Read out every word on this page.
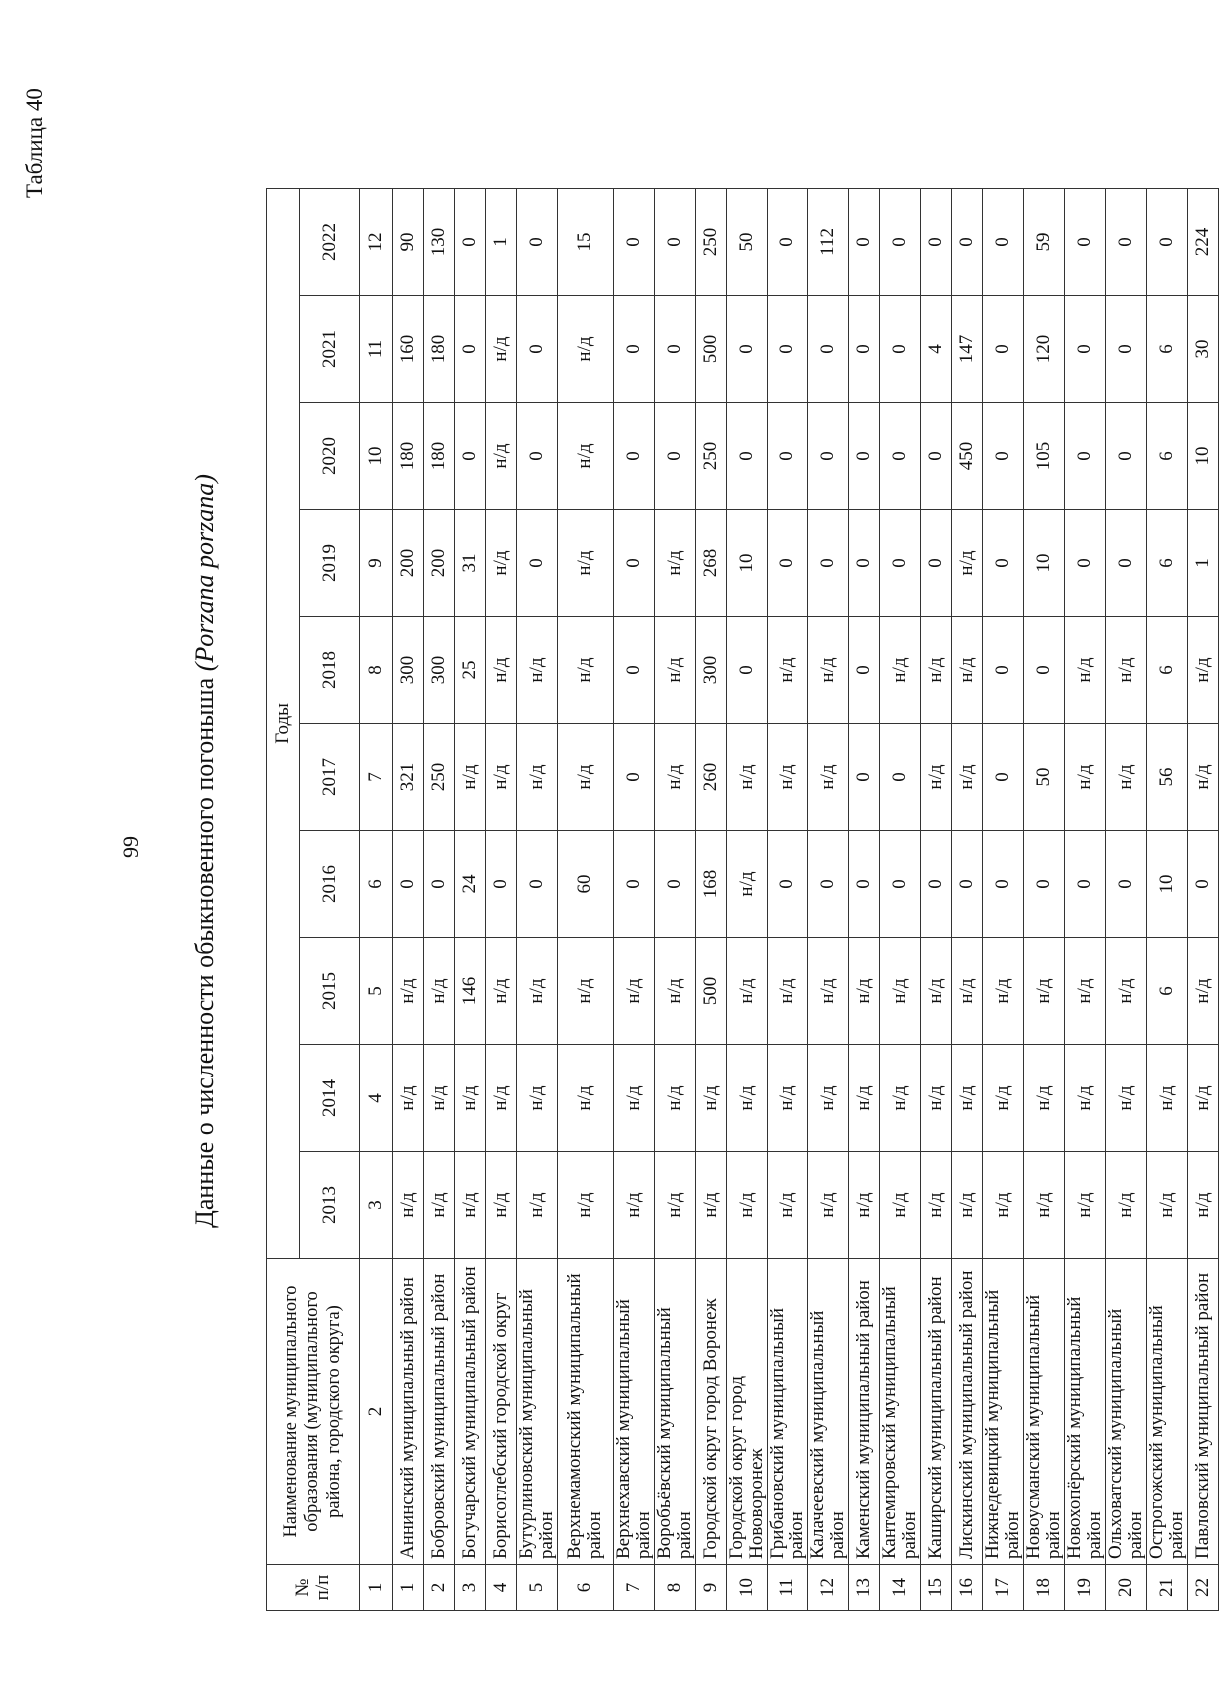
99
Таблица 40
Данные о численности обыкновенного погоныша (Porzana porzana)
№ п/п	Наименование муниципального образования (муниципального района, городского округа)	Годы									
		2013	2014	2015	2016	2017	2018	2019	2020	2021	2022
1	2	3	4	5	6	7	8	9	10	11	12
1	Аннинский муниципальный район	н/д	н/д	н/д	0	321	300	200	180	160	90
2	Бобровский муниципальный район	н/д	н/д	н/д	0	250	300	200	180	180	130
3	Богучарский муниципальный район	н/д	н/д	146	24	н/д	25	31	0	0	0
4	Борисоглебский городской округ	н/д	н/д	н/д	0	н/д	н/д	н/д	н/д	н/д	1
5	Бутурлиновский муниципальный район	н/д	н/д	н/д	0	н/д	н/д	0	0	0	0
6	Верхнемамонский муниципальный район	н/д	н/д	н/д	60	н/д	н/д	н/д	н/д	н/д	15
7	Верхнехавский муниципальный район	н/д	н/д	н/д	0	0	0	0	0	0	0
8	Воробьёвский муниципальный район	н/д	н/д	н/д	0	н/д	н/д	н/д	0	0	0
9	Городской округ город Воронеж	н/д	н/д	500	168	260	300	268	250	500	250
10	Городской округ город Нововоронеж	н/д	н/д	н/д	н/д	н/д	0	10	0	0	50
11	Грибановский муниципальный район	н/д	н/д	н/д	0	н/д	н/д	0	0	0	0
12	Калачеевский муниципальный район	н/д	н/д	н/д	0	н/д	н/д	0	0	0	112
13	Каменский муниципальный район	н/д	н/д	н/д	0	0	0	0	0	0	0
14	Кантемировский муниципальный район	н/д	н/д	н/д	0	0	н/д	0	0	0	0
15	Каширский муниципальный район	н/д	н/д	н/д	0	н/д	н/д	0	0	4	0
16	Лискинский муниципальный район	н/д	н/д	н/д	0	н/д	н/д	н/д	450	147	0
17	Нижнедевицкий муниципальный район	н/д	н/д	н/д	0	0	0	0	0	0	0
18	Новоусманский муниципальный район	н/д	н/д	н/д	0	50	0	10	105	120	59
19	Новохопёрский муниципальный район	н/д	н/д	н/д	0	н/д	н/д	0	0	0	0
20	Ольховатский муниципальный район	н/д	н/д	н/д	0	н/д	н/д	0	0	0	0
21	Острогожский муниципальный район	н/д	н/д	6	10	56	6	6	6	6	0
22	Павловский муниципальный район	н/д	н/д	н/д	0	н/д	н/д	1	10	30	224
